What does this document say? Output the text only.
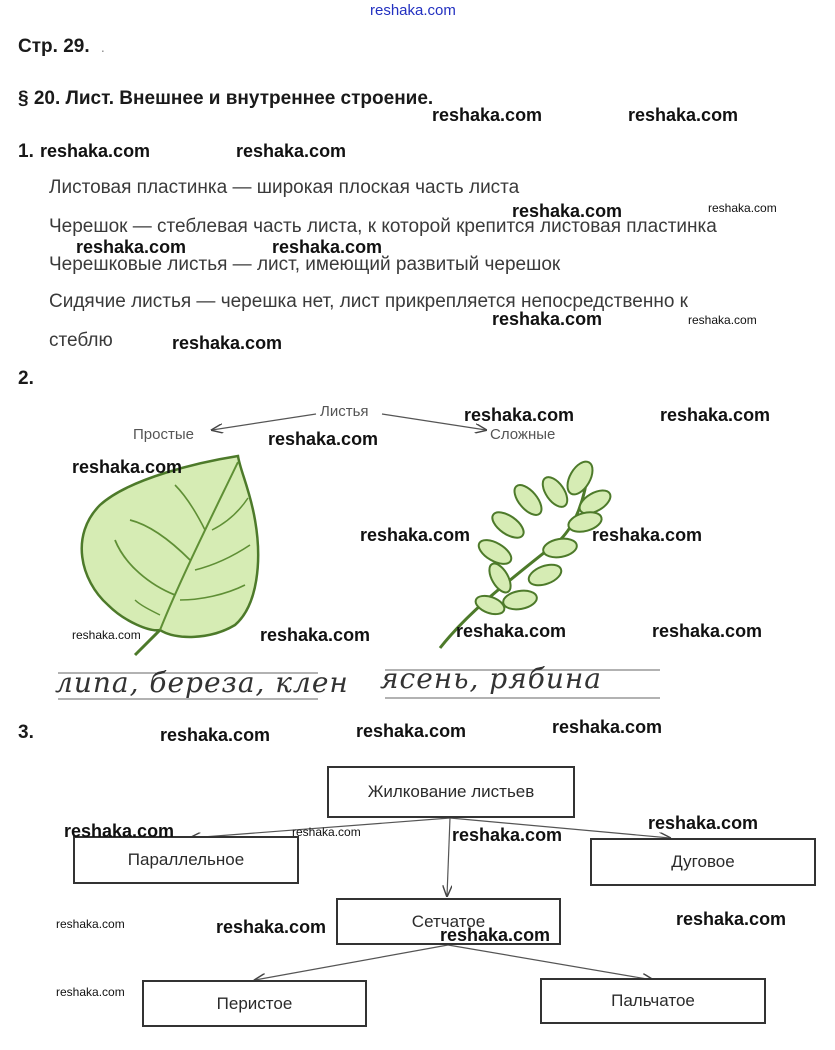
reshaka.com
Стр. 29. .
§ 20. Лист. Внешнее и внутреннее строение.
1.
Листовая пластинка — широкая плоская часть листа
Черешок — стеблевая часть листа, к которой крепится листовая пластинка
Черешковые листья — лист, имеющий развитый черешок
Сидячие листья — черешка нет, лист прикрепляется непосредственно к
стеблю
2.
Листья
Простые	Сложные
липа, береза, клен ясень, рябина
3.
Жилкование листьев
Параллельное	Дуговое
Сетчатое
Перистое	Пальчатое
reshaka.com	reshaka.com
reshaka.com	reshaka.com
reshaka.com	reshaka.com
reshaka.com	reshaka.com
reshaka.com	reshaka.com
reshaka.com
reshaka.com	reshaka.com
reshaka.com
reshaka.com
reshaka.com	reshaka.com
reshaka.com	reshaka.com	reshaka.com	reshaka.com
reshaka.com	reshaka.com	reshaka.com
reshaka.com	reshaka.com	reshaka.com
reshaka.com
reshaka.com	reshaka.com	reshaka.com
reshaka.com
reshaka.com
